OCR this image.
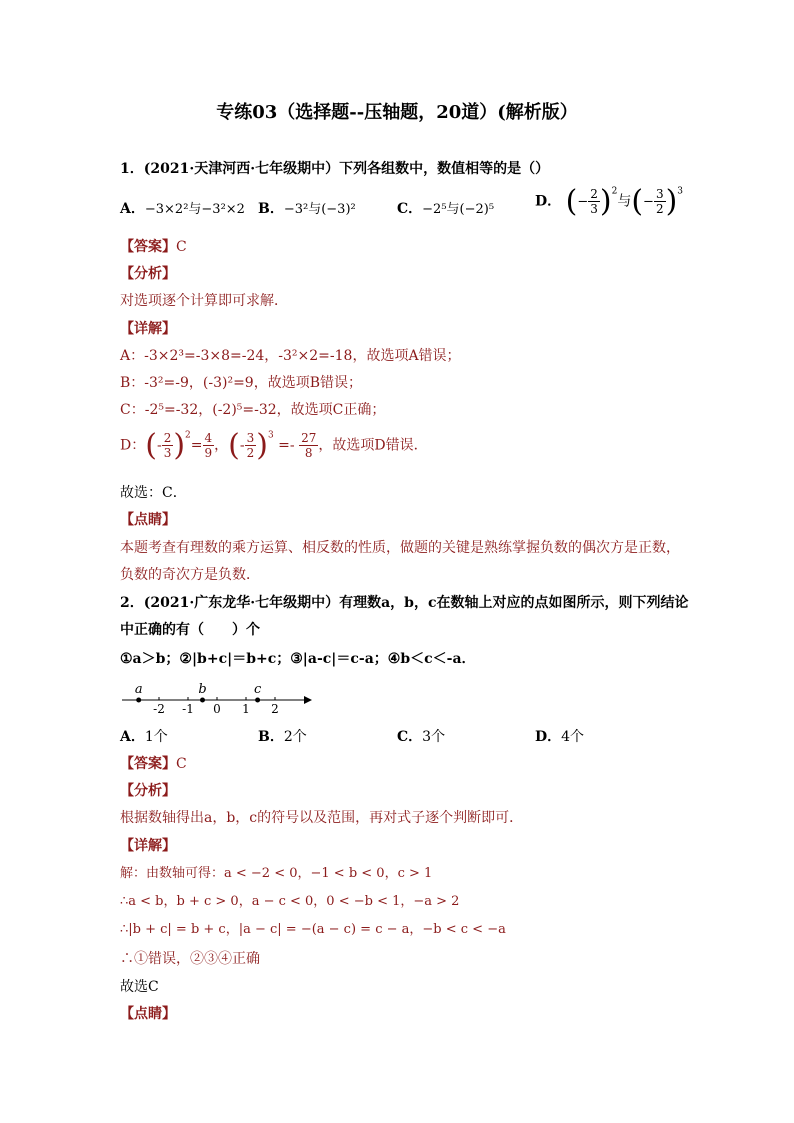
专练03（选择题--压轴题，20道）(解析版）
1．(2021·天津河西·七年级期中）下列各组数中，数值相等的是（）
A．−3×2²与−3²×2 B．−3²与(−3)²	C．−2⁵与(−2)⁵	D． (− $\frac{2}{3} )^2$与(− $\frac{3}{2} )^3$
【答案】C
【分析】
对选项逐个计算即可求解．
【详解】
A：-3×2³=-3×8=-24，-3²×2=-18，故选项A错误；
B：-3²=-9，(-3)²=9，故选项B错误；
C：-2⁵=-32，(-2)⁵=-32，故选项C正确；
D：(- $\frac{2}{3} )^2= \frac{4}{9}$ ，(- $\frac{3}{2} )^3 =- \frac{27}{8}$ ，故选项D错误．
故选：C．
【点睛】
本题考查有理数的乘方运算、相反数的性质，做题的关键是熟练掌握负数的偶次方是正数，
负数的奇次方是负数．
2．(2021·广东龙华·七年级期中）有理数a，b，c在数轴上对应的点如图所示，则下列结论
中正确的有（　　）个
①a＞b；②|b+c|＝b+c；③|a-c|＝c-a；④b＜c＜-a．
a	b	c
-2 -1 0 1 2
A．1个	B．2个	C．3个	D．4个
【答案】C
【分析】
根据数轴得出a，b，c的符号以及范围，再对式子逐个判断即可．
【详解】
解：由数轴可得：a < −2 < 0，−1 < b < 0，c > 1
∴a < b，b + c > 0，a − c < 0，0 < −b < 1，−a > 2
∴|b + c| = b + c，|a − c| = −(a − c) = c − a，−b < c < −a
∴①错误，②③④正确
故选C
【点睛】
